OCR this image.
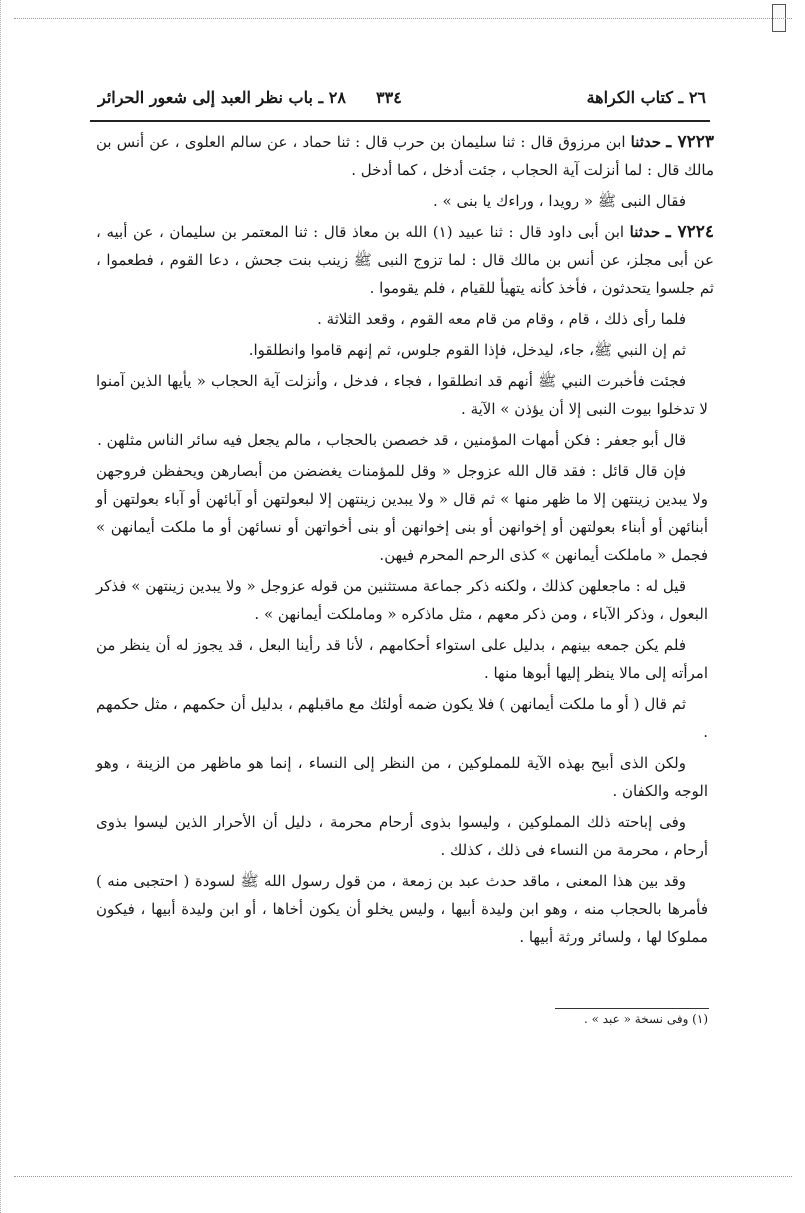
٢٦ ـ كتاب الكراهة
٣٣٤
٢٨ ـ باب نظر العبد إلى شعور الحرائر

٧٢٢٣ ـ حدثنا ابن مرزوق قال : ثنا سليمان بن حرب قال : ثنا حماد ، عن سالم العلوى ، عن أنس بن مالك قال : لما أنزلت آية الحجاب ، جئت أدخل ، كما أدخل .

فقال النبى ﷺ « رويدا ، وراءك يا بنى » .

٧٢٢٤ ـ حدثنا ابن أبى داود قال : ثنا عبيد (١) الله بن معاذ قال : ثنا المعتمر بن سليمان ، عن أبيه ، عن أبى مجلز، عن أنس بن مالك قال : لما تزوج النبى ﷺ زينب بنت جحش ، دعا القوم ، فطعموا ، ثم جلسوا يتحدثون ، فأخذ كأنه يتهيأ للقيام ، فلم يقوموا .

فلما رأى ذلك ، قام ، وقام من قام معه القوم ، وقعد الثلاثة .

ثم إن النبي ﷺ، جاء، ليدخل، فإذا القوم جلوس، ثم إنهم قاموا وانطلقوا.

فجئت فأخبرت النبي ﷺ أنهم قد انطلقوا ، فجاء ، فدخل ، وأنزلت آية الحجاب « يأيها الذين آمنوا لا تدخلوا بيوت النبى إلا أن يؤذن » الآية .

قال أبو جعفر : فكن أمهات المؤمنين ، قد خصصن بالحجاب ، مالم يجعل فيه سائر الناس مثلهن .

فإن قال قائل : فقد قال الله عزوجل « وقل للمؤمنات يغضضن من أبصارهن ويحفظن فروجهن ولا يبدين زينتهن إلا ما ظهر منها » ثم قال « ولا يبدين زينتهن إلا لبعولتهن أو آبائهن أو آباء بعولتهن أو أبنائهن أو أبناء بعولتهن أو إخوانهن أو بنى إخوانهن أو بنى أخواتهن أو نسائهن أو ما ملكت أيمانهن » فجمل « ماملكت أيمانهن » كذى الرحم المحرم فيهن.

قيل له : ماجعلهن كذلك ، ولكنه ذكر جماعة مستثنين من قوله عزوجل « ولا يبدين زينتهن » فذكر البعول ، وذكر الآباء ، ومن ذكر معهم ، مثل ماذكره « وماملكت أيمانهن » .

فلم يكن جمعه بينهم ، بدليل على استواء أحكامهم ، لأنا قد رأينا البعل ، قد يجوز له أن ينظر من امرأته إلى مالا ينظر إليها أبوها منها .

ثم قال ( أو ما ملكت أيمانهن ) فلا يكون ضمه أولئك مع ماقبلهم ، بدليل أن حكمهم ، مثل حكمهم .

ولكن الذى أبيح بهذه الآية للمملوكين ، من النظر إلى النساء ، إنما هو ماظهر من الزينة ، وهو الوجه والكفان .

وفى إباحته ذلك المملوكين ، وليسوا بذوى أرحام محرمة ، دليل أن الأحرار الذين ليسوا بذوى أرحام ، محرمة من النساء فى ذلك ، كذلك .

وقد بين هذا المعنى ، ماقد حدث عبد بن زمعة ، من قول رسول الله ﷺ لسودة ( احتجبى منه ) فأمرها بالحجاب منه ، وهو ابن وليدة أبيها ، وليس يخلو أن يكون أخاها ، أو ابن وليدة أبيها ، فيكون مملوكا لها ، ولسائر ورثة أبيها .

(١) وفى نسخة « عبد » .
